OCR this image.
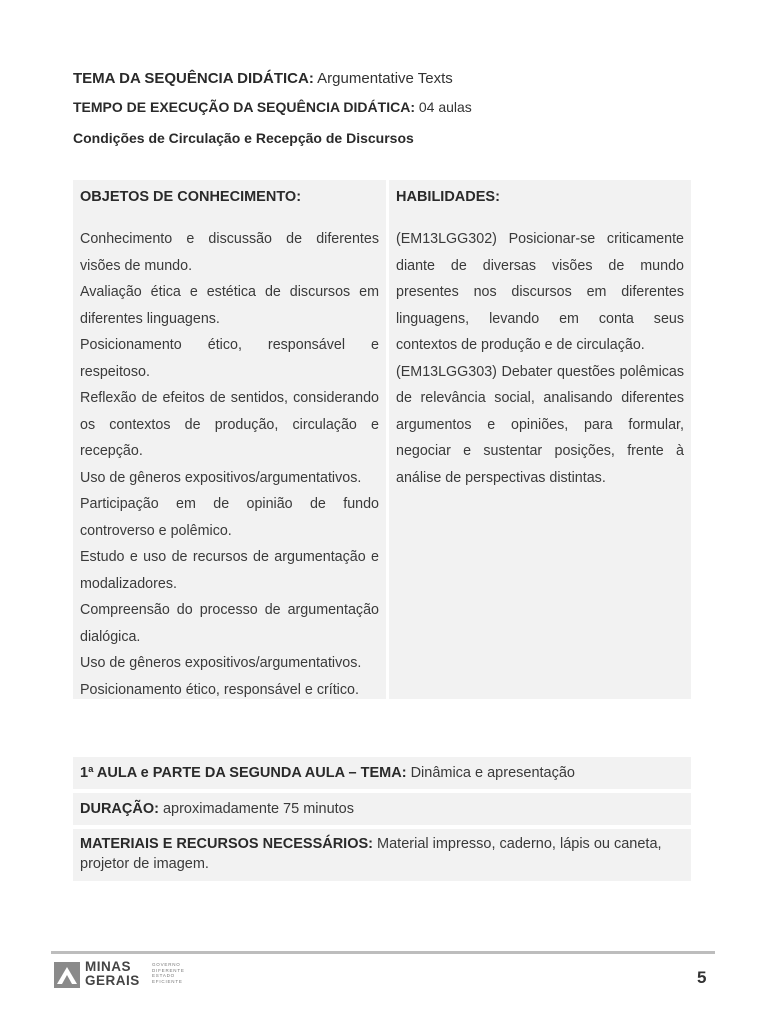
TEMA DA SEQUÊNCIA DIDÁTICA: Argumentative Texts
TEMPO DE EXECUÇÃO DA SEQUÊNCIA DIDÁTICA: 04 aulas
Condições de Circulação e Recepção de Discursos
OBJETOS DE CONHECIMENTO:
Conhecimento e discussão de diferentes visões de mundo.
Avaliação ética e estética de discursos em diferentes linguagens.
Posicionamento ético, responsável e respeitoso.
Reflexão de efeitos de sentidos, considerando os contextos de produção, circulação e recepção.
Uso de gêneros expositivos/argumentativos.
Participação em de opinião de fundo controverso e polêmico.
Estudo e uso de recursos de argumentação e modalizadores.
Compreensão do processo de argumentação dialógica.
Uso de gêneros expositivos/argumentativos.
Posicionamento ético, responsável e crítico.
HABILIDADES:
(EM13LGG302) Posicionar-se criticamente diante de diversas visões de mundo presentes nos discursos em diferentes linguagens, levando em conta seus contextos de produção e de circulação.
(EM13LGG303) Debater questões polêmicas de relevância social, analisando diferentes argumentos e opiniões, para formular, negociar e sustentar posições, frente à análise de perspectivas distintas.
1ª AULA e PARTE DA SEGUNDA AULA – TEMA: Dinâmica e apresentação
DURAÇÃO: aproximadamente 75 minutos
MATERIAIS E RECURSOS NECESSÁRIOS: Material impresso, caderno, lápis ou caneta, projetor de imagem.
MINAS
GERAIS
GOVERNO
DIFERENTE
ESTADO
EFICIENTE	5
